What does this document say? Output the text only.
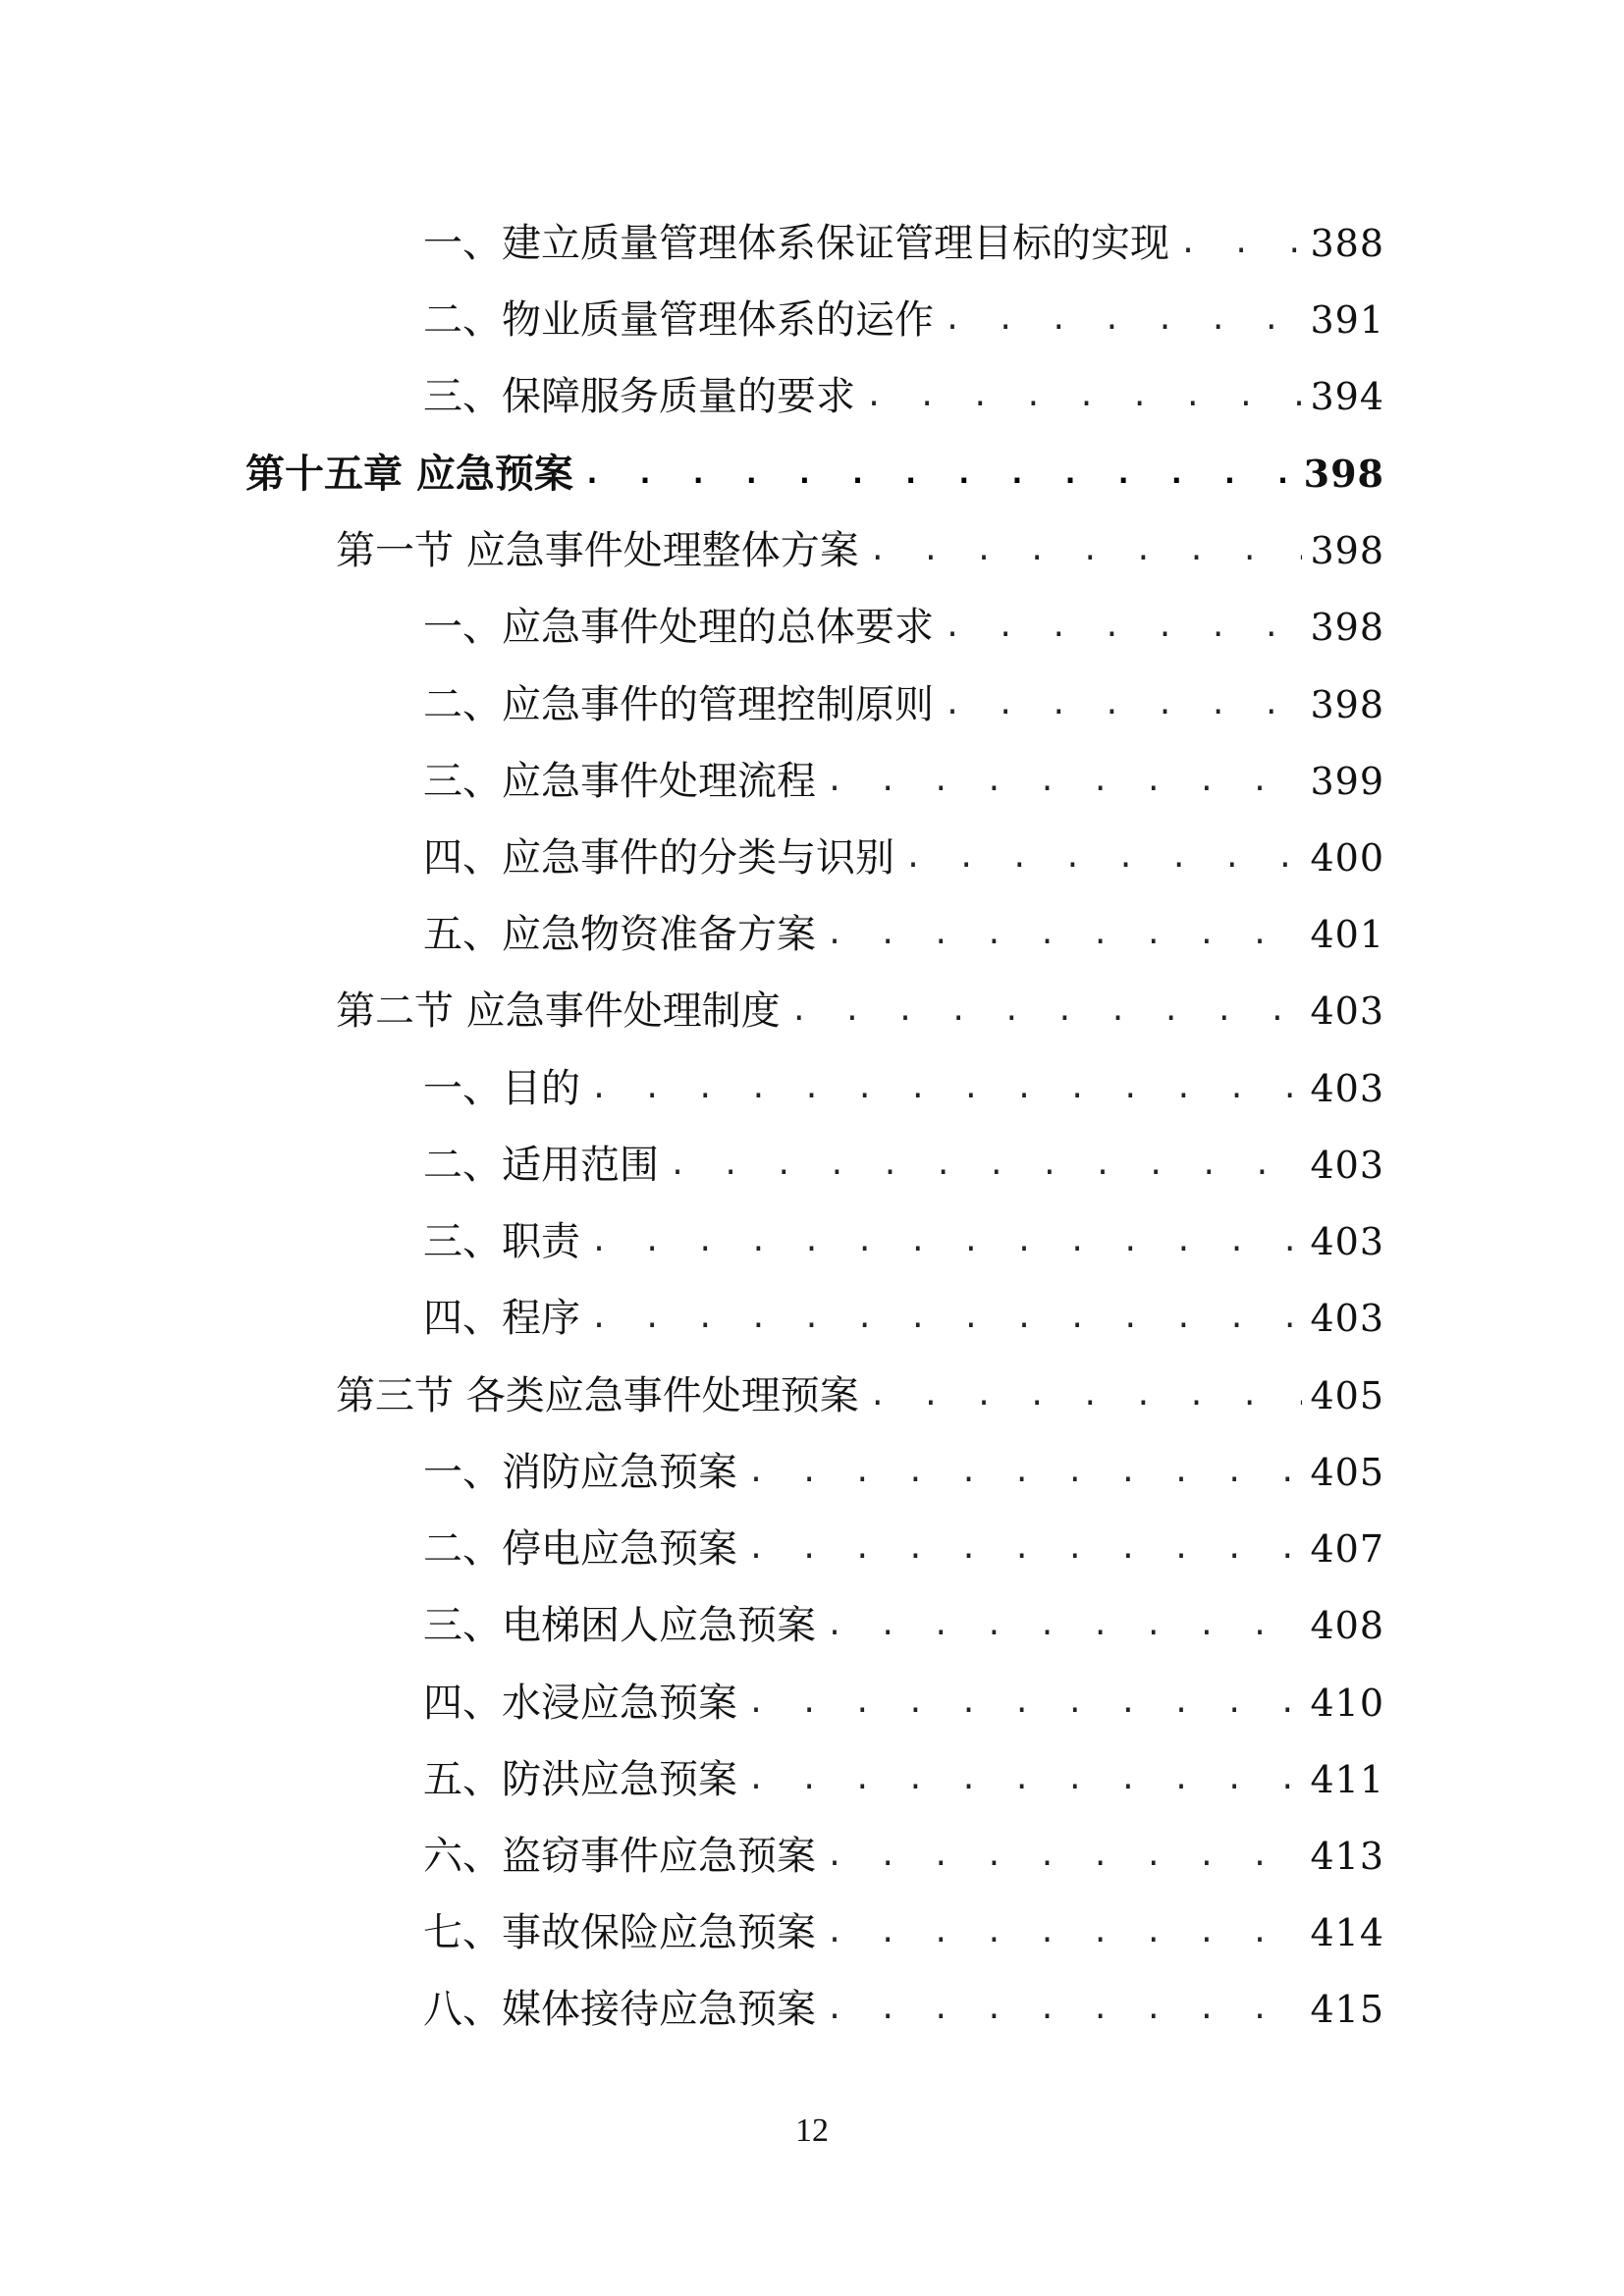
一、建立质量管理体系保证管理目标的实现 . . .	388
二、物业质量管理体系的运作 . . .	391
三、保障服务质量的要求 . . .	394
第十五章 应急预案 . . .	398
第一节 应急事件处理整体方案 . . .	398
一、应急事件处理的总体要求 . . .	398
二、应急事件的管理控制原则 . . .	398
三、应急事件处理流程 . . .	399
四、应急事件的分类与识别 . . .	400
五、应急物资准备方案 . . .	401
第二节 应急事件处理制度 . . .	403
一、目的 . . .	403
二、适用范围 . . .	403
三、职责 . . .	403
四、程序 . . .	403
第三节 各类应急事件处理预案 . . .	405
一、消防应急预案 . . .	405
二、停电应急预案 . . .	407
三、电梯困人应急预案 . . .	408
四、水浸应急预案 . . .	410
五、防洪应急预案 . . .	411
六、盗窃事件应急预案 . . .	413
七、事故保险应急预案 . . .	414
八、媒体接待应急预案 . . .	415
12
